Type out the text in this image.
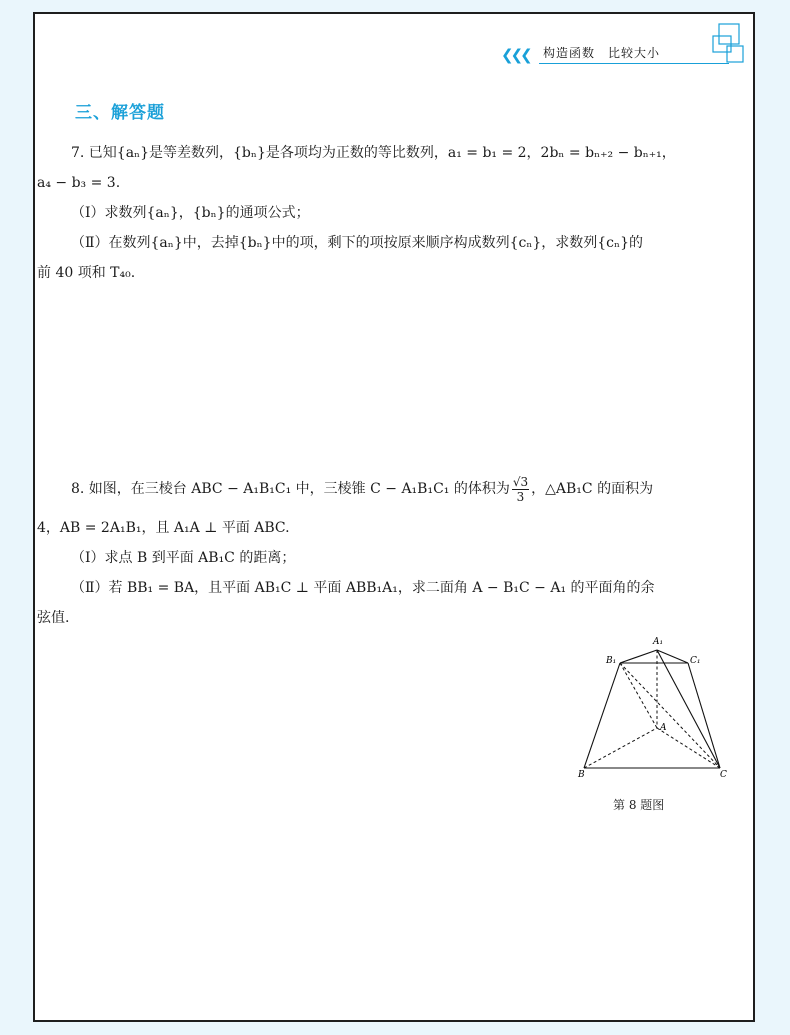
❮❮❮ 构造函数　比较大小
三、解答题

7. 已知{aₙ}是等差数列，{bₙ}是各项均为正数的等比数列，a₁ = b₁ = 2，2bₙ = bₙ₊₂ − bₙ₊₁，

a₄ − b₃ = 3.

（Ⅰ）求数列{aₙ}，{bₙ}的通项公式；

（Ⅱ）在数列{aₙ}中，去掉{bₙ}中的项，剩下的项按原来顺序构成数列{cₙ}，求数列{cₙ}的

前 40 项和 T₄₀.

8. 如图，在三棱台 ABC − A₁B₁C₁ 中，三棱锥 C − A₁B₁C₁ 的体积为 $\frac{√3}{3}$ ，△AB₁C 的面积为

4，AB = 2A₁B₁，且 A₁A ⊥ 平面 ABC.

（Ⅰ）求点 B 到平面 AB₁C 的距离；

（Ⅱ）若 BB₁ = BA，且平面 AB₁C ⊥ 平面 ABB₁A₁，求二面角 A − B₁C − A₁ 的平面角的余

弦值.

A₁
B₁	C₁
A
B	C
第 8 题图
